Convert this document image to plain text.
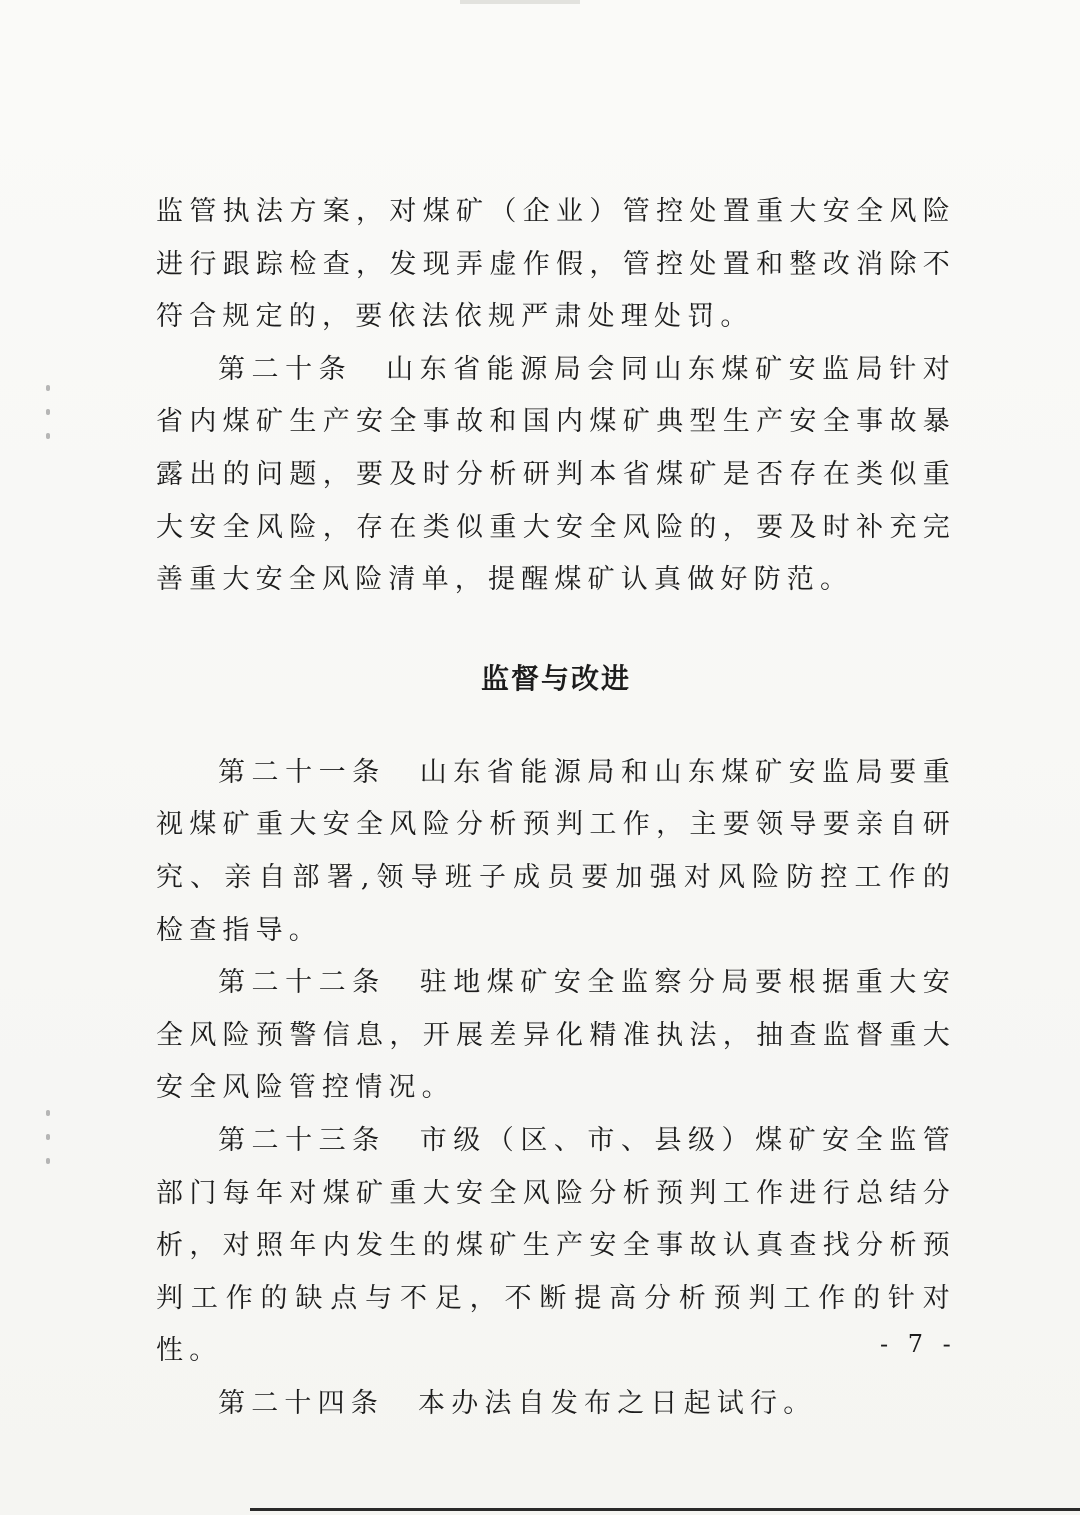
监管执法方案，对煤矿（企业）管控处置重大安全风险进行跟踪检查，发现弄虚作假，管控处置和整改消除不符合规定的，要依法依规严肃处理处罚。

第二十条 山东省能源局会同山东煤矿安监局针对省内煤矿生产安全事故和国内煤矿典型生产安全事故暴露出的问题，要及时分析研判本省煤矿是否存在类似重大安全风险，存在类似重大安全风险的，要及时补充完善重大安全风险清单，提醒煤矿认真做好防范。

监督与改进

第二十一条 山东省能源局和山东煤矿安监局要重视煤矿重大安全风险分析预判工作，主要领导要亲自研究、亲自部署,领导班子成员要加强对风险防控工作的检查指导。

第二十二条 驻地煤矿安全监察分局要根据重大安全风险预警信息，开展差异化精准执法，抽查监督重大安全风险管控情况。

第二十三条 市级（区、市、县级）煤矿安全监管部门每年对煤矿重大安全风险分析预判工作进行总结分析，对照年内发生的煤矿生产安全事故认真查找分析预判工作的缺点与不足，不断提高分析预判工作的针对性。

第二十四条 本办法自发布之日起试行。

- 7 -
